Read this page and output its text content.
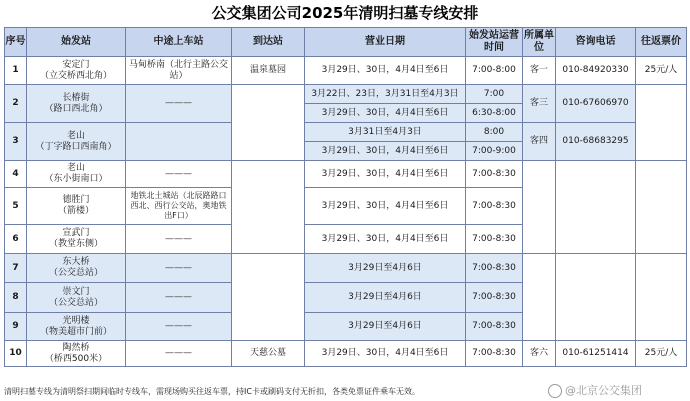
公交集团公司2025年清明扫墓专线安排
序号	始发站	中途上车站	到达站	营业日期	始发站运营时间	所属单位	咨询电话	往返票价
1	安定门
（立交桥西北角）	马甸桥南（北行主路公交站）	温泉墓园	3月29日、30日，4月4日至6日	7:00-8:00	客一	010-84920330	25元/人
2	长椿街
（路口西北角）	———		3月22日、23日，3月31日至4月3日	7:00	客三	010-67606970	
				3月29日、30日，4月4日至6日	6:30-8:00			
3	老山
（丁字路口西南角）			3月31日至4月3日	8:00	客四	010-68683295	
				3月29日、30日，4月4日至6日	7:00-9:00			
4	老山
（东小街南口）	———		3月29日、30日，4月4日至6日	7:00-8:30			
5	德胜门
（箭楼）	地铁北土城站（北辰路路口西北、西行公交站，奥地铁出F口）		3月29日、30日，4月4日至6日	7:00-8:30			
6	宣武门
（教堂东侧）	———		3月29日、30日，4月4日至6日	7:00-8:30			
7	东大桥
（公交总站）	———		3月29日至4月6日	7:00-8:30			
8	崇文门
（公交总站）	———		3月29日至4月6日	7:00-8:30			
9	光明楼
（物美超市门前）	———		3月29日至4月6日	7:00-8:30			
10	陶然桥
（桥西500米）	———	天慈公墓	3月29日、30日，4月4日至6日	7:00-8:30	客六	010-61251414	25元/人
清明扫墓专线为清明祭扫期间临时专线车，需现场购买往返车票，持IC卡或刷码支付无折扣，各类免票证件乘车无效。	@北京公交集团
